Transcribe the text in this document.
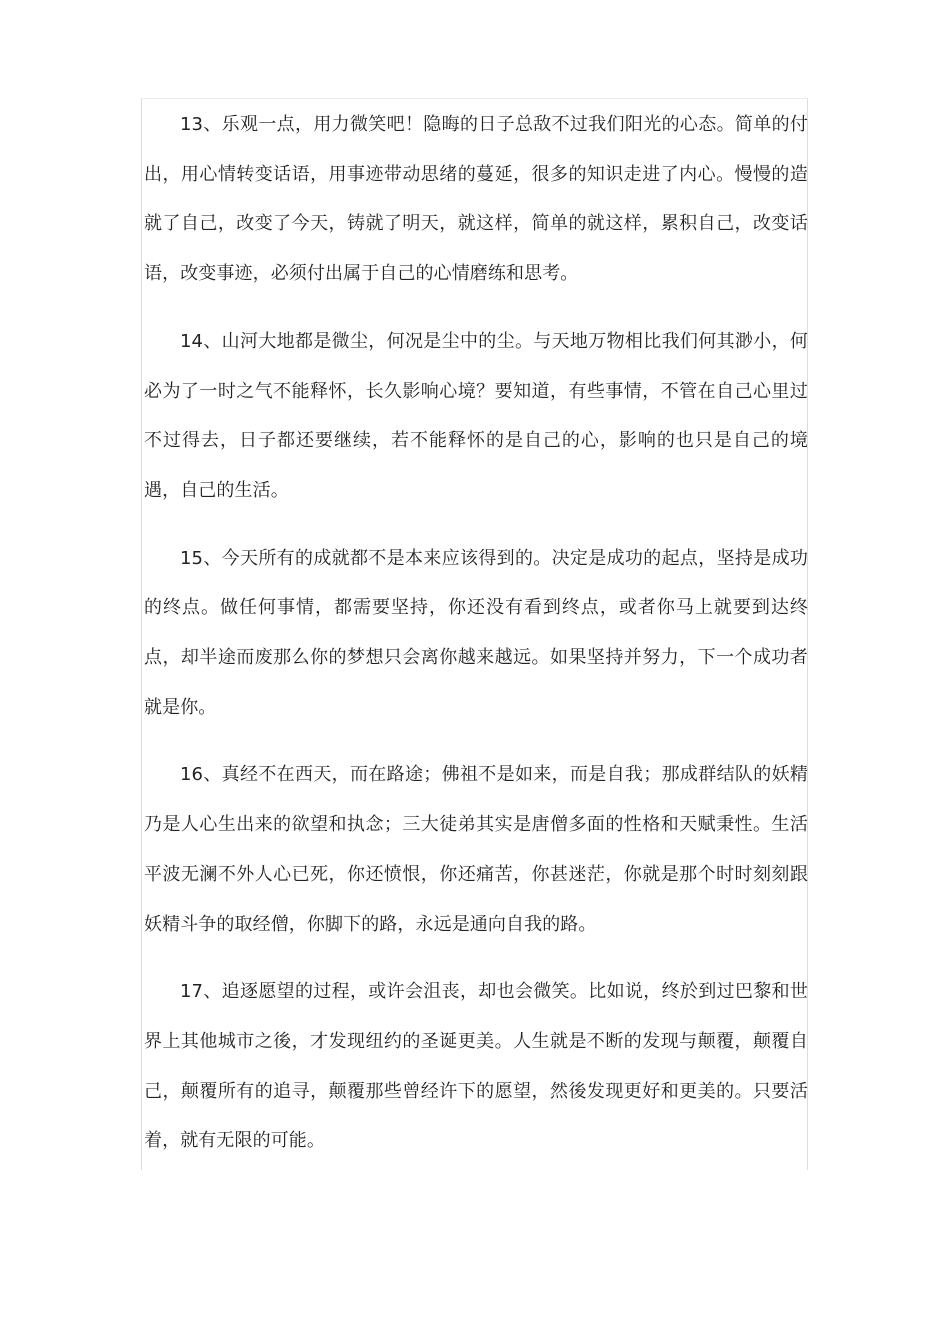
13、乐观一点，用力微笑吧！隐晦的日子总敌不过我们阳光的心态。简单的付出，用心情转变话语，用事迹带动思绪的蔓延，很多的知识走进了内心。慢慢的造就了自己，改变了今天，铸就了明天，就这样，简单的就这样，累积自己，改变话语，改变事迹，必须付出属于自己的心情磨练和思考。

14、山河大地都是微尘，何况是尘中的尘。与天地万物相比我们何其渺小，何必为了一时之气不能释怀，长久影响心境？要知道，有些事情，不管在自己心里过不过得去，日子都还要继续，若不能释怀的是自己的心，影响的也只是自己的境遇，自己的生活。

15、今天所有的成就都不是本来应该得到的。决定是成功的起点，坚持是成功的终点。做任何事情，都需要坚持，你还没有看到终点，或者你马上就要到达终点，却半途而废那么你的梦想只会离你越来越远。如果坚持并努力，下一个成功者就是你。

16、真经不在西天，而在路途；佛祖不是如来，而是自我；那成群结队的妖精乃是人心生出来的欲望和执念；三大徒弟其实是唐僧多面的性格和天赋秉性。生活平波无澜不外人心已死，你还愤恨，你还痛苦，你甚迷茫，你就是那个时时刻刻跟妖精斗争的取经僧，你脚下的路，永远是通向自我的路。

17、追逐愿望的过程，或许会沮丧，却也会微笑。比如说，终於到过巴黎和世界上其他城市之後，才发现纽约的圣诞更美。人生就是不断的发现与颠覆，颠覆自己，颠覆所有的追寻，颠覆那些曾经许下的愿望，然後发现更好和更美的。只要活着，就有无限的可能。
